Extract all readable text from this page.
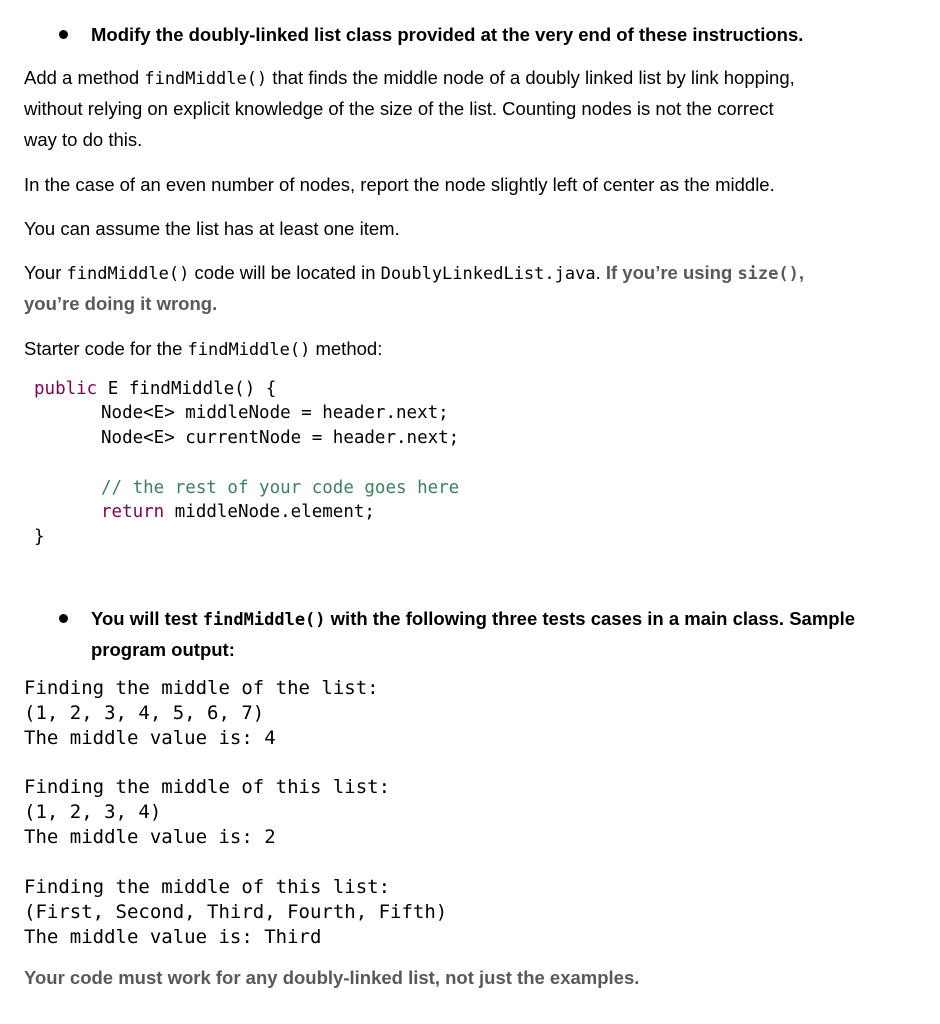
Modify the doubly-linked list class provided at the very end of these instructions.
Add a method findMiddle() that finds the middle node of a doubly linked list by link hopping,
without relying on explicit knowledge of the size of the list. Counting nodes is not the correct
way to do this.
In the case of an even number of nodes, report the node slightly left of center as the middle.
You can assume the list has at least one item.
Your findMiddle() code will be located in DoublyLinkedList.java. If you’re using size(),
you’re doing it wrong.
Starter code for the findMiddle() method:
public E findMiddle() {
Node<E> middleNode = header.next;
Node<E> currentNode = header.next;
// the rest of your code goes here
return middleNode.element;
}
You will test findMiddle() with the following three tests cases in a main class. Sample
program output:
Finding the middle of the list:
(1, 2, 3, 4, 5, 6, 7)
The middle value is: 4
Finding the middle of this list:
(1, 2, 3, 4)
The middle value is: 2
Finding the middle of this list:
(First, Second, Third, Fourth, Fifth)
The middle value is: Third
Your code must work for any doubly-linked list, not just the examples.
